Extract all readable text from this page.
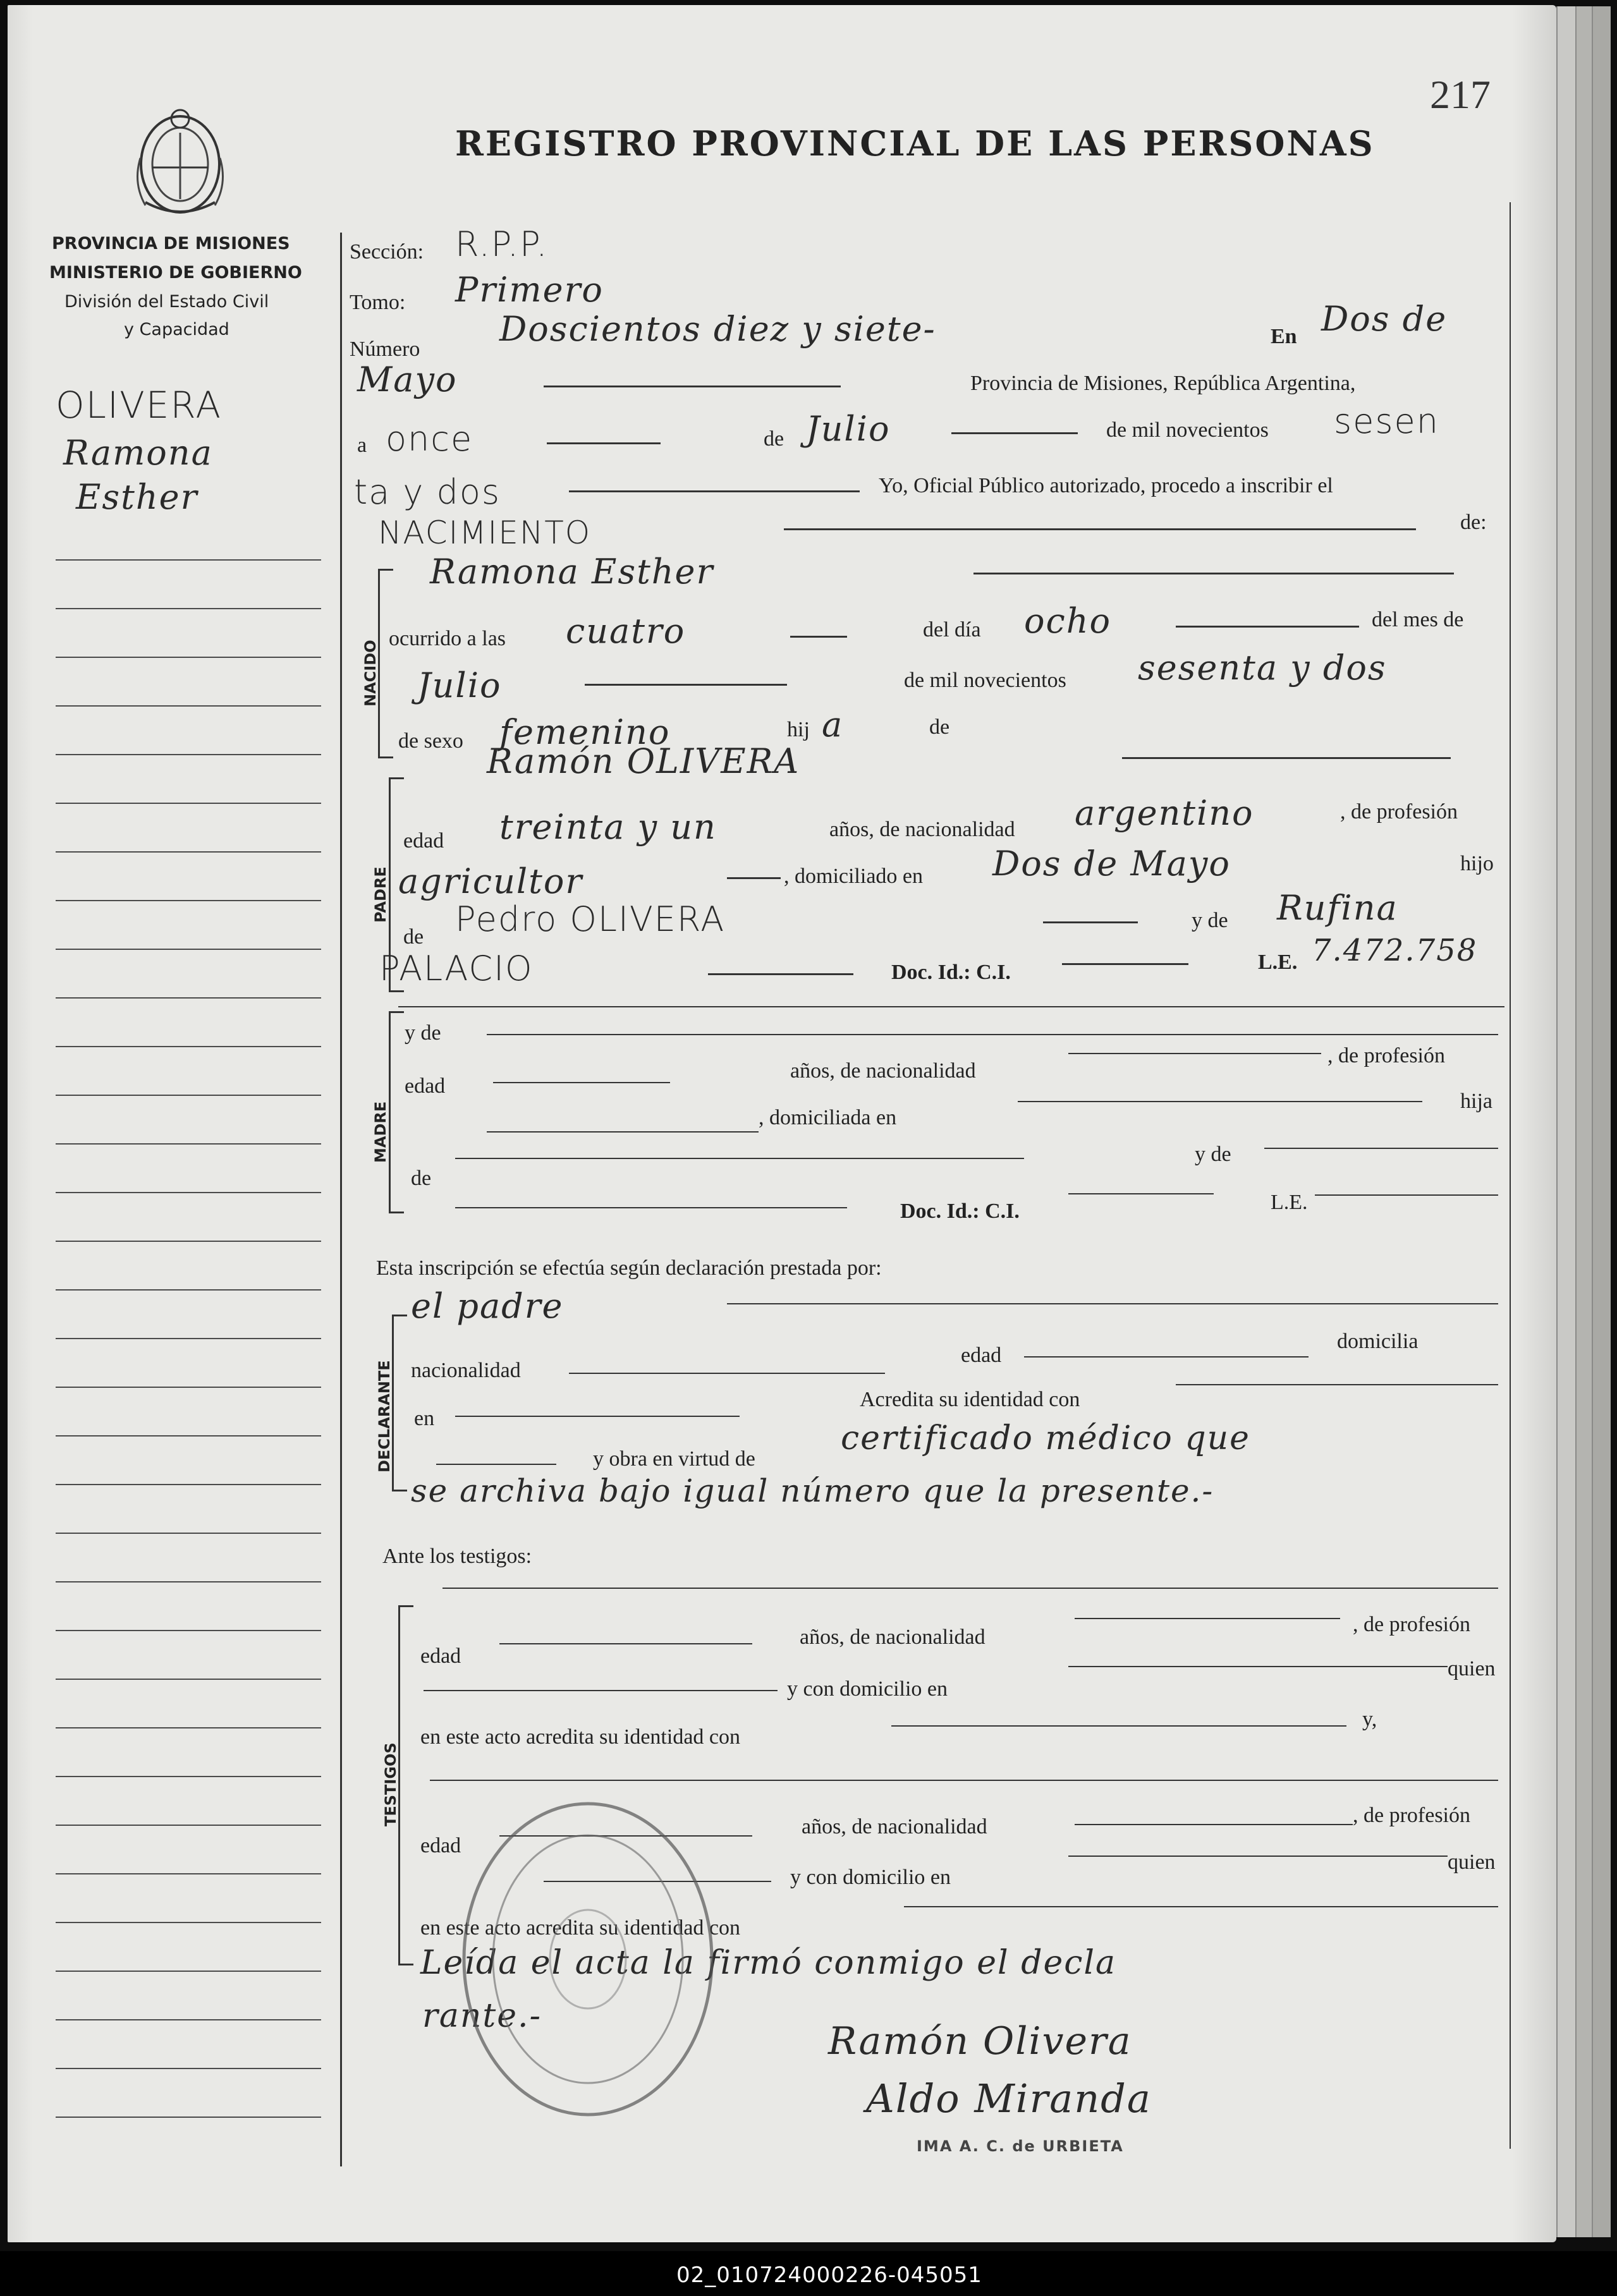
217
REGISTRO PROVINCIAL DE LAS PERSONAS
PROVINCIA DE MISIONES
MINISTERIO DE GOBIERNO
División del Estado Civil
y Capacidad
OLIVERA
Ramona
Esther
Sección: R.P.P.
Tomo: Primero
Número
Doscientos diez y siete-	En Dos de
Mayo	Provincia de Misiones, República Argentina,
a once	de Julio	de mil novecientos sesen
ta y dos	Yo, Oficial Público autorizado, procedo a inscribir el
NACIMIENTO	de:
NACIDO
Ramona Esther
ocurrido a las cuatro	del día ocho	del mes de
Julio	de mil novecientos sesenta y dos
de sexo femenino	hij a	de
PADRE
Ramón OLIVERA
edad treinta y un	años, de nacionalidad argentino	, de profesión
agricultor	, domiciliado en Dos de Mayo	hijo
de Pedro OLIVERA	y de Rufina
PALACIO	Doc. Id.: C.I.	L.E. 7.472.758
MADRE
y de
edad
años, de nacionalidad
, de profesión
, domiciliada en
hija
de
y de
Doc. Id.: C.I.	L.E.
Esta inscripción se efectúa según declaración prestada por:
el padre
DECLARANTE nacionalidad
edad
domicilia
en
Acredita su identidad con
y obra en virtud de
certificado médico que
se archiva bajo igual número que la presente.-
Ante los testigos:
TESTIGOS
edad
años, de nacionalidad
, de profesión
y con domicilio en
quien
en este acto acredita su identidad con
y,
edad
años, de nacionalidad	, de profesión
y con domicilio en
quien
en este acto acredita su identidad con
Leída el acta la firmó conmigo el decla
rante.-
Ramón Olivera
Aldo Miranda
IMA A. C. de URBIETA
02_010724000226-045051
